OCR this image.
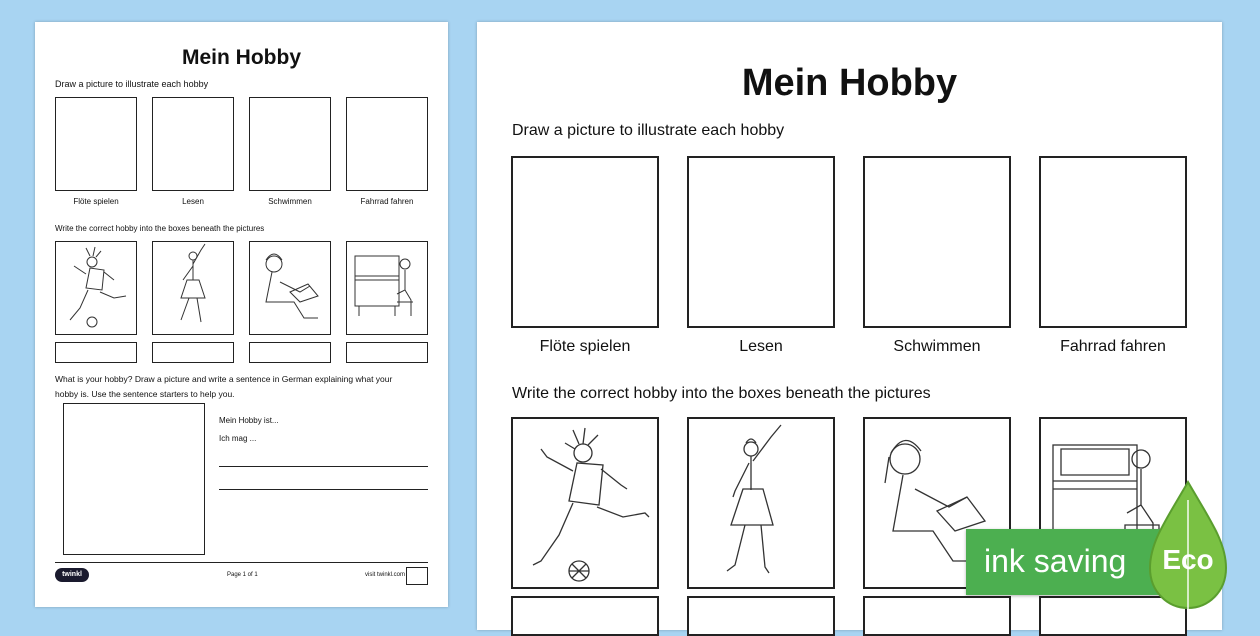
Mein Hobby
Draw a picture to illustrate each hobby
Flöte spielen	Lesen	Schwimmen	Fahrrad fahren
Write the correct hobby into the boxes beneath the pictures
What is your hobby? Draw a picture and write a sentence in German explaining what your
hobby is. Use the sentence starters to help you.
Mein Hobby ist...
Ich mag ...
twinkl	Page 1 of 1	visit twinkl.com
Mein Hobby
Draw a picture to illustrate each hobby
Flöte spielen	Lesen	Schwimmen	Fahrrad fahren
Write the correct hobby into the boxes beneath the pictures
ink saving	Eco
